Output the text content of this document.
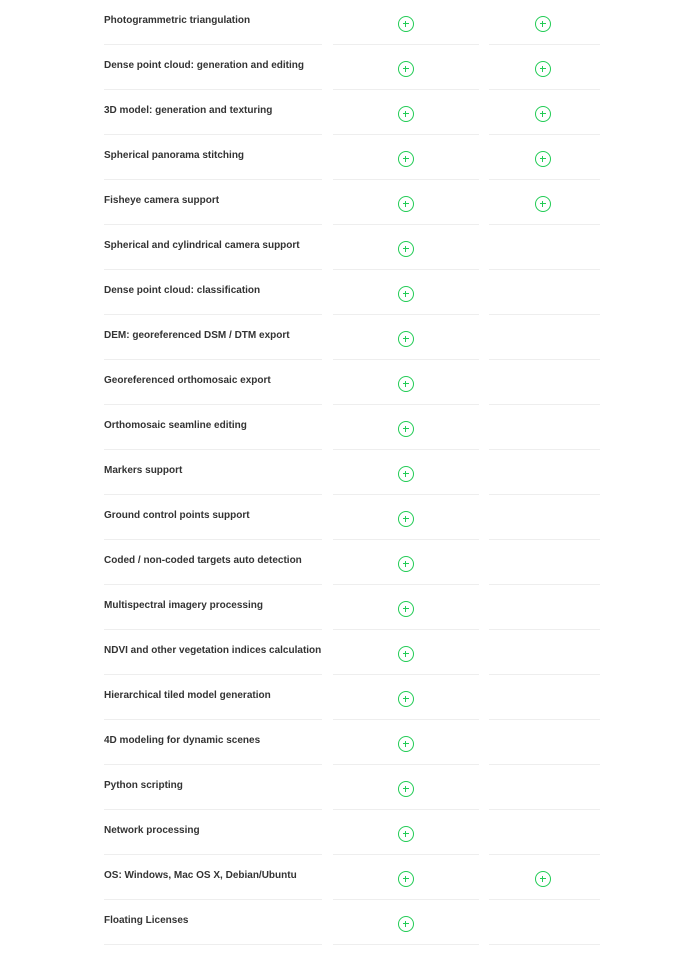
Photogrammetric triangulation
Dense point cloud: generation and editing
3D model: generation and texturing
Spherical panorama stitching
Fisheye camera support
Spherical and cylindrical camera support
Dense point cloud: classification
DEM: georeferenced DSM / DTM export
Georeferenced orthomosaic export
Orthomosaic seamline editing
Markers support
Ground control points support
Coded / non-coded targets auto detection
Multispectral imagery processing
NDVI and other vegetation indices calculation
Hierarchical tiled model generation
4D modeling for dynamic scenes
Python scripting
Network processing
OS: Windows, Mac OS X, Debian/Ubuntu
Floating Licenses
